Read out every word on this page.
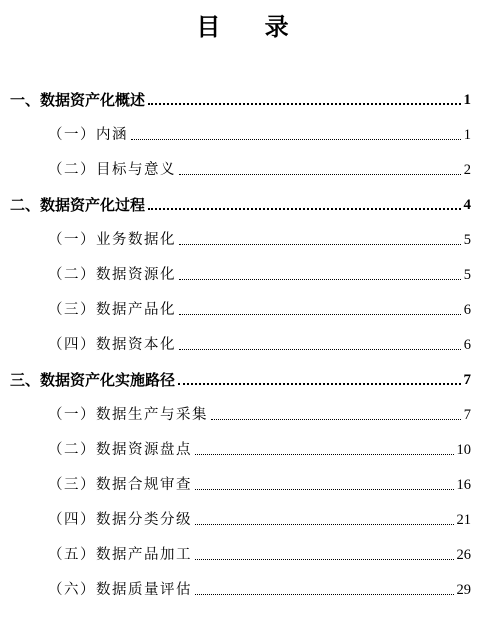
目 录
一、数据资产化概述	1
（一）内涵	1
（二）目标与意义	2
二、数据资产化过程	4
（一）业务数据化	5
（二）数据资源化	5
（三）数据产品化	6
（四）数据资本化	6
三、数据资产化实施路径	7
（一）数据生产与采集	7
（二）数据资源盘点	10
（三）数据合规审查	16
（四）数据分类分级	21
（五）数据产品加工	26
（六）数据质量评估	29
